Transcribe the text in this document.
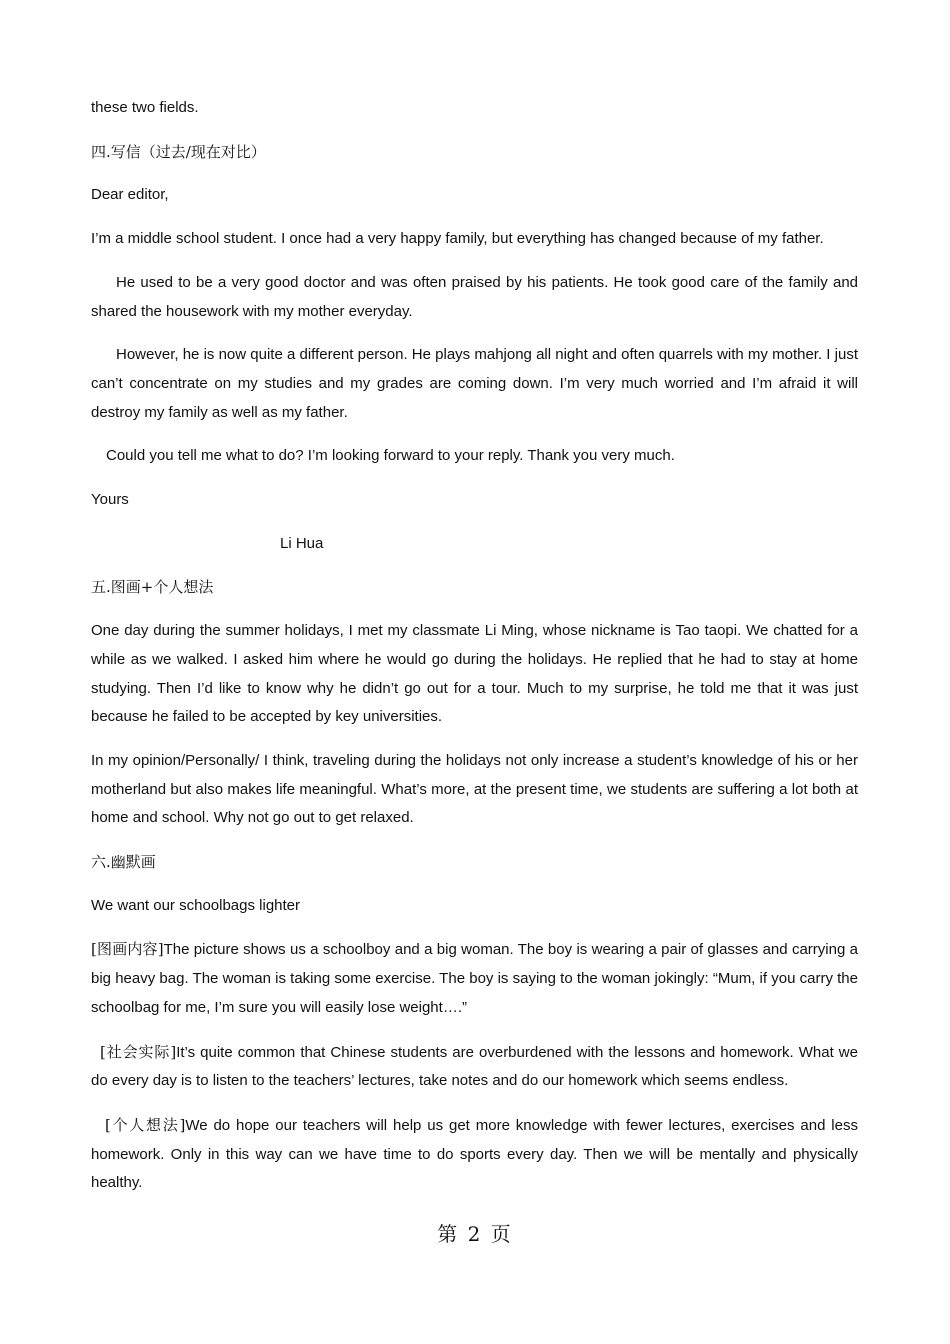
these two fields.

四.写信（过去/现在对比）

Dear editor,

I’m a middle school student. I once had a very happy family, but everything has changed because of my father.

He used to be a very good doctor and was often praised by his patients. He took good care of the family and shared the housework with my mother everyday.

However, he is now quite a different person. He plays mahjong all night and often quarrels with my mother. I just can’t concentrate on my studies and my grades are coming down. I’m very much worried and I’m afraid it will destroy my family as well as my father.

Could you tell me what to do? I’m looking forward to your reply. Thank you very much.

Yours

Li Hua

五.图画+个人想法

One day during the summer holidays, I met my classmate Li Ming, whose nickname is Tao taopi. We chatted for a while as we walked. I asked him where he would go during the holidays. He replied that he had to stay at home studying. Then I’d like to know why he didn’t go out for a tour. Much to my surprise, he told me that it was just because he failed to be accepted by key universities.

In my opinion/Personally/ I think, traveling during the holidays not only increase a student’s knowledge of his or her motherland but also makes life meaningful. What’s more, at the present time, we students are suffering a lot both at home and school. Why not go out to get relaxed.

六.幽默画

We want our schoolbags lighter

[图画内容]The picture shows us a schoolboy and a big woman. The boy is wearing a pair of glasses and carrying a big heavy bag. The woman is taking some exercise. The boy is saying to the woman jokingly: “Mum, if you carry the schoolbag for me, I’m sure you will easily lose weight….”

[社会实际]It’s quite common that Chinese students are overburdened with the lessons and homework. What we do every day is to listen to the teachers’ lectures, take notes and do our homework which seems endless.

[个人想法]We do hope our teachers will help us get more knowledge with fewer lectures, exercises and less homework. Only in this way can we have time to do sports every day. Then we will be mentally and physically healthy.

第 2 页
